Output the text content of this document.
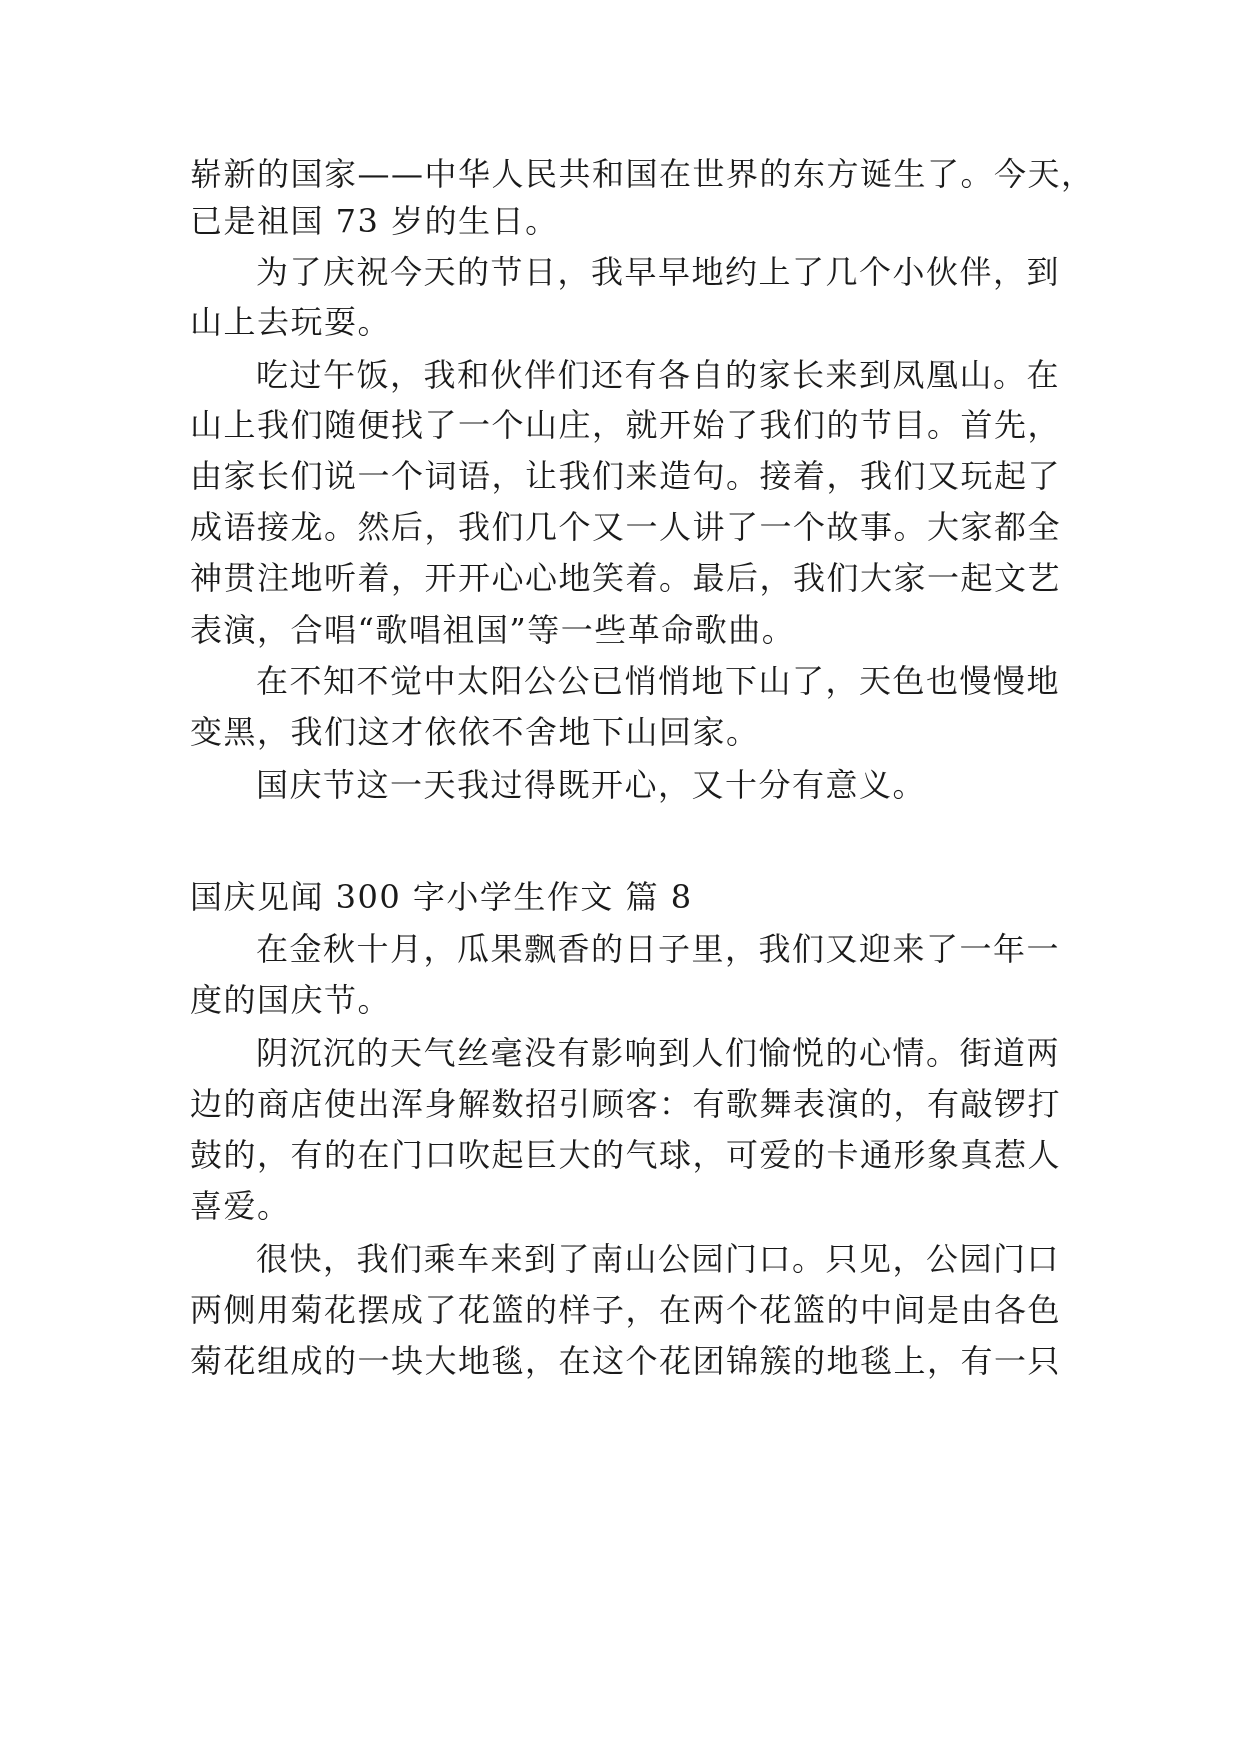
崭新的国家——中华人民共和国在世界的东方诞生了。今天，
已是祖国 73 岁的生日。
为了庆祝今天的节日，我早早地约上了几个小伙伴，到
山上去玩耍。
吃过午饭，我和伙伴们还有各自的家长来到凤凰山。在
山上我们随便找了一个山庄，就开始了我们的节目。首先，
由家长们说一个词语，让我们来造句。接着，我们又玩起了
成语接龙。然后，我们几个又一人讲了一个故事。大家都全
神贯注地听着，开开心心地笑着。最后，我们大家一起文艺
表演，合唱“歌唱祖国”等一些革命歌曲。
在不知不觉中太阳公公已悄悄地下山了，天色也慢慢地
变黑，我们这才依依不舍地下山回家。
国庆节这一天我过得既开心，又十分有意义。
国庆见闻 300 字小学生作文 篇 8
在金秋十月，瓜果飘香的日子里，我们又迎来了一年一
度的国庆节。
阴沉沉的天气丝毫没有影响到人们愉悦的心情。街道两
边的商店使出浑身解数招引顾客：有歌舞表演的，有敲锣打
鼓的，有的在门口吹起巨大的气球，可爱的卡通形象真惹人
喜爱。
很快，我们乘车来到了南山公园门口。只见，公园门口
两侧用菊花摆成了花篮的样子，在两个花篮的中间是由各色
菊花组成的一块大地毯，在这个花团锦簇的地毯上，有一只
